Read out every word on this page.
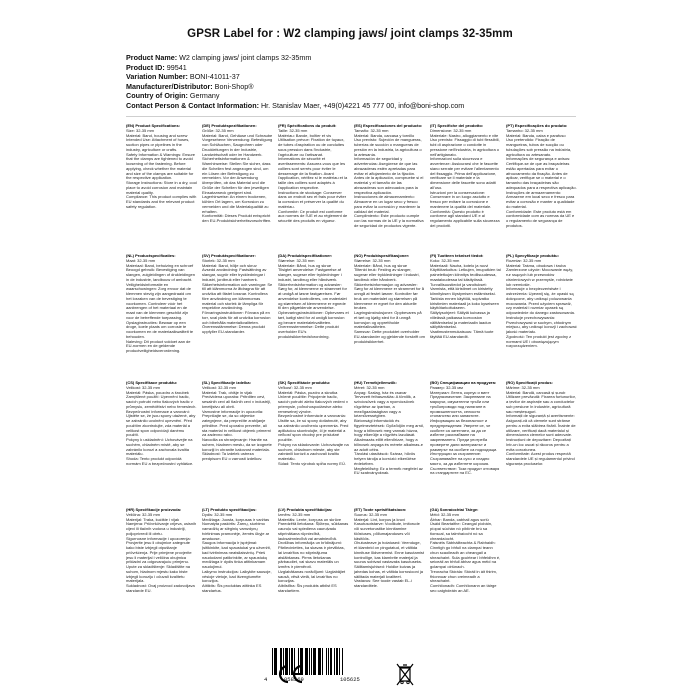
GPSR Label for : W2 clamping jaws/ joint clamps 32-35mm
Product Name: W2 clamping jaws/ joint clamps 32-35mm
Product ID: 99541
Variation Number: BONI-41011-37
Manufacturer/Distributor: Boni-Shop®
Country of Origin: Germany
Contact Person & Contact Information: Hr. Stanislav Maer, +49(0)4221 45 777 00, info@boni-shop.com

(EN) Product Specifications:

Size: 32-35 mm
Material: Band, housing and screw
Intended Use: Attachment of hoses, suction pipes or pipelines in the industry, agriculture or crafts.
Safety Information & Warnings: Ensure that the clamps are tightened to avoid loosening of the fastening. Before applying, check whether the material and size of the clamps are suitable for the respective application.
Storage Instructions: Store in a dry, cool place to avoid corrosion and maintain material quality.
Compliance: This product complies with EU standards and the relevant product safety regulation.

(DE) Produktspezifikationen:

Größe: 32-35 mm
Material: Band, Gehäuse und Schraube
Vorgesehene Verwendung: Befestigung von Schläuchen, Saugrohren oder Druckleitungen in der Industrie, Landwirtschaft oder im Handwerk.
Sicherheitsinformationen & Warnhinweise: Stellen Sie sicher, dass die Schellen fest angezogen sind, um ein Lösen der Befestigung zu vermeiden. Vor der Anwendung überprüfen, ob das Material und die Größe der Schellen für den jeweiligen Einsatzzweck geeignet sind.
Lagerhinweise: An einem trockenen, kühlen Ort lagern, um Korrosion zu vermeiden und die Materialqualität zu erhalten.
Konformität: Dieses Produkt entspricht den EU-Produktsicherheitsvorschriften.

(FR) Spécifications du produit:

Taille: 32-35 mm
Matériau: Bande, boîtier et vis
Utilisation prévue: Fixation de tuyaux, de tubes d'aspiration ou de conduites sous pression dans l'industrie, l'agriculture ou l'artisanat.
Informations de sécurité et avertissements: Assurez-vous que les colliers sont serrés pour éviter le desserrage de la fixation. Avant l'application, vérifiez si le matériau et la taille des colliers sont adaptés à l'application respective.
Instructions de stockage: Conserver dans un endroit sec et frais pour éviter la corrosion et préserver la qualité du matériau.
Conformité: Ce produit est conforme aux normes de l'UE et au règlement de sécurité des produits en vigueur.

(ES) Especificaciones del producto:

Tamaño: 32-35 mm
Material: Banda, carcasa y tornillo
Uso previsto: Sujeción de mangueras, tuberías de succión o mangueras de presión en la industria, la agricultura o la artesanía.
Información de seguridad y advertencias: Asegúrese de que las abrazaderas estén apretadas para evitar el aflojamiento de la fijación. Antes de la aplicación, compruebe si el material y el tamaño de las abrazaderas son adecuados para la respectiva aplicación.
Instrucciones de almacenamiento: Almacene en un lugar seco y fresco para evitar la corrosión y mantener la calidad del material.
Cumplimiento: Este producto cumple con las normas de la UE y la normativa de seguridad de productos vigente.

(IT) Specifiche del prodotto:

Dimensione: 32-35 mm
Materiale: Nastro, alloggiamento e vite
Uso previsto: Fissaggio di tubi flessibili, tubi di aspirazione o condotte in pressione nell'industria, in agricoltura o nell'artigianato.
Informazioni sulla sicurezza e avvertenze: Assicurarsi che le fascette siano serrate per evitare l'allentamento del fissaggio. Prima dell'applicazione, verificare se il materiale e la dimensione delle fascette sono adatti all'uso.
Istruzioni per la conservazione: Conservare in un luogo asciutto e fresco per evitare la corrosione e mantenere la qualità del materiale.
Conformità: Questo prodotto è conforme agli standard UE e al regolamento applicabile sulla sicurezza dei prodotti.

(PT) Especificações do produto:

Tamanho: 32-35 mm
Material: Banda, caixa e parafuso
Uso pretendido: Fixação de mangueiras, tubos de sucção ou tubulações sob pressão na indústria, agricultura ou artesanato.
Informações de segurança e avisos: Certifique-se de que as braçadeiras estão apertadas para evitar o afrouxamento da fixação. Antes de aplicar, verifique se o material e o tamanho das braçadeiras são adequados para a respectiva aplicação.
Instruções de armazenamento: Armazene em local seco e fresco para evitar a corrosão e manter a qualidade do material.
Conformidade: Este produto está em conformidade com as normas da UE e o regulamento de segurança de produtos.

(NL) Productspecificaties:

Maat: 32-35 mm
Materiaal: Band, behuizing en schroef
Beoogd gebruik: Bevestiging van slangen, zuigleidingen of drukleidingen in de industrie, landbouw of ambacht.
Veiligheidsinformatie en waarschuwingen: Zorg ervoor dat de klemmen stevig zijn aangedraaid om het losraken van de bevestiging te voorkomen. Controleer vóór het aanbrengen of het materiaal en de maat van de klemmen geschikt zijn voor de betreffende toepassing.
Opslaginstructies: Bewaar op een droge, koele plaats om corrosie te voorkomen en de materiaalkwaliteit te behouden.
Naleving: Dit product voldoet aan de EU-normen en de geldende productveiligheidsverordening.

(SV) Produktspecifikationer:

Storlek: 32-35 mm
Material: Band, hölje och skruv
Avsedd användning: Fastsättning av slangar, sugrör eller tryckledningar i industri, jordbruk eller hantverk.
Säkerhetsinformation och varningar: Se till att klämmorna är åtdragna för att undvika att fästet lossnar. Kontrollera före användning om klämmornas material och storlek är lämpliga för respektive användning.
Förvaringsinstruktioner: Förvara på en torr, sval plats för att undvika korrosion och bibehålla materialkvaliteten.
Överensstämmelse: Denna produkt uppfyller EU-standarder.

(DA) Produktspecifikationer:

Størrelse: 32-35 mm
Materiale: Bånd, hus og skrue
Tilsigtet anvendelse: Fastgørelse af slanger, sugerør eller trykledninger i industri, landbrug eller håndværk.
Sikkerhedsinformation og advarsler: Sørg for, at klemmerne er strammet for at undgå at løsne fastgørelsen. Før anvendelse kontrolleres, om materialet og størrelsen af klemmerne er egnede til den pågældende anvendelse.
Opbevaringsinstruktioner: Opbevares et tørt, køligt sted for at undgå korrosion og bevare materialekvaliteten.
Overensstemmelse: Dette produkt overholder EU's produktsikkerhedsforordning.

(NO) Produktspesifikasjoner:

Størrelse: 32-35 mm
Materiale: Bånd, hus og skrue
Tiltenkt bruk: Festing av slanger, sugerør eller trykkledninger i industri, landbruk eller håndverk.
Sikkerhetsinformasjon og advarsler: Sørg for at klemmene er strammet for å unngå at festet løsner. Kontroller før bruk om materialet og størrelsen på klemmene er egnet for den aktuelle bruken.
Lagringsinstruksjoner: Oppbevares på et tørt og kjølig sted for å unngå korrosjon og opprettholde materialkvaliteten.
Samsvar: Dette produktet overholder EU-standarder og gjeldende forskrift om produktsikkerhet.

(FI) Tuotteen tekniset tiedot:

Koko: 32-35 mm
Materiaali: Nauha, kotelo ja ruuvi
Käyttötarkoitus: Letkujen, imuputkien tai paineletkujen kiinnitys teollisuudessa, maataloudessa tai käsityössä.
Turvallisuustiedot ja varoitukset: Varmista, että kiristimet on kiristetty kiinnityksen löystymisen estämiseksi. Tarkista ennen käyttöä, sopivatko kiristimien materiaali ja koko kyseiseen käyttötarkoitukseen.
Säilytysohjeet: Säilytä kuivassa ja viileässä paikassa korroosion välttämiseksi ja materiaalin laadun säilyttämiseksi.
Vaatimustenmukaisuus: Tämä tuote täyttää EU-standardit.

(PL) Specyfikacje produktu:

Rozmiar: 32-35 mm
Materiał: Taśma, obudowa i śruba
Zamierzone użycie: Mocowanie węży, rur ssących lub przewodów ciśnieniowych w przemyśle, rolnictwie lub rzemiośle.
Informacje o bezpieczeństwie i ostrzeżenia: Upewnij się, że opaski są dokręcone, aby uniknąć poluzowania mocowania. Przed użyciem sprawdź, czy materiał i rozmiar opasek są odpowiednie do danego zastosowania.
Instrukcje przechowywania: Przechowywać w suchym, chłodnym miejscu, aby uniknąć korozji i zachować jakość materiału.
Zgodność: Ten produkt jest zgodny z normami UE i obowiązującym rozporządzeniem.

(CS) Specifikace produktu:

Velikost: 32-35 mm
Materiál: Páska, pouzdro a šroubek
Zamýšlené použití: Upevnění hadic, sacích potrubí nebo tlakových hadic v průmyslu, zemědělství nebo řemeslech.
Bezpečnostní informace a varování: Ujistěte se, že jsou spony utažené, aby se zabránilo uvolnění upevnění. Před použitím zkontrolujte, zda materiál a velikost spon odpovídají danému použití.
Pokyny k uskladnění: Uchovávejte na suchém, chladném místě, aby se zabránilo korozi a zachovala kvalita materiálu.
Shoda: Tento produkt odpovídá normám EU a bezpečnostní vyhlášce.

(SL) Specifikacije izdelka:

Velikost: 32-35 mm
Material: Trak, ohišje in vijak
Predvidena uporaba: Pritrditev cevi, sesalnih cevi ali tlačnih cevi v industriji, kmetijstvu ali obrti.
Varnostne informacije in opozorila: Prepričajte se, da so objemke zategnjene, da preprečite zrahljanje pritrditve. Pred uporabo preverite, ali sta material in velikost objemk primerni za zadevno rabo.
Navodila za shranjevanje: Hranite na suhem, hladnem mestu, da se izognete koroziji in ohranite kakovost materiala.
Skladnost: Ta izdelek ustreza predpisom EU o varnosti izdelkov.

(SK) Špecifikácie produktu:

Veľkosť: 32-35 mm
Materiál: Páska, puzdro a skrutka
Určené použitie: Pripojenie hadíc, sacích potrubí alebo tlakových vedení v priemysle, poľnohospodárstve alebo remeselnej výrobe.
Bezpečnostné informácie a varovania: Uistite sa, že sú spony dotiahnuté, aby sa zabránilo uvoľneniu upevnenia. Pred aplikáciou skontrolujte, či je materiál a veľkosť spon vhodný pre príslušné použitie.
Pokyny na skladovanie: Uchovávajte na suchom, chladnom mieste, aby ste zabránili korózii a zachovali kvalitu materiálu.
Súlad: Tento výrobok spĺňa normy EÚ.

(HU) Termékjellemzők:

Méret: 32-35 mm
Anyag: Szalag, ház és csavar
Tervezett felhasználás: A tömlők, a szívócsövek vagy a nyomócsövek rögzítése az iparban, a mezőgazdaságban vagy a kézművességben.
Biztonsági információk és figyelmeztetések: Győződjön meg arról, hogy a bilincsek meg vannak húzva, hogy elkerülje a rögzítés lazulását. Alkalmazás előtt ellenőrizze, hogy a bilincsek anyaga és mérete alkalmas-e az adott célra.
Tárolási utasítások: Száraz, hűvös helyen tárolja a korrózió elkerülése érdekében.
Megfelelőség: Ez a termék megfelel az EU szabványoknak.

(BG) Спецификации на продукта:

Размер: 32-35 мм
Материал: Лента, корпус и винт
Предназначение: Закрепване на маркучи, смукателни тръби или тръбопроводи под налягане в промишлеността, селското стопанство или занаятите.
Информация за безопасност и предупреждения: Уверете се, че скобите са затегнати, за да се избегне разхлабване на закрепването. Преди употреба проверете дали материалът и размерът на скобите са подходящи.
Инструкции за съхранение: Съхранявайте на сухо и хладно място, за да избегнете корозия.
Съответствие: Този продукт отговаря на стандартите на ЕС.

(RO) Specificații produs:

Mărime: 32-35 mm
Material: Bandă, carcasă și șurub
Utilizare prevăzută: Fixarea furtunurilor, a țevilor de aspirație sau a conductelor sub presiune în industrie, agricultură sau meșteșuguri.
Informații de siguranță și avertismente: Asigurați-vă că clemele sunt strânse pentru a evita slăbirea fixării. Înainte de utilizare, verificați dacă materialul și dimensiunea clemelor sunt adecvate.
Instrucțiuni de depozitare: Depozitați într-un loc uscat și răcoros pentru a evita coroziunea.
Conformitate: Acest produs respectă standardele UE și regulamentul privind siguranța produselor.

(HR) Specifikacije proizvoda:

Veličina: 32-35 mm
Materijal: Traka, kućište i vijak
Namjena: Pričvršćivanje crijeva, usisnih cijevi ili tlačnih vodova u industriji, poljoprivredi ili obrtu.
Sigurnosne informacije i upozorenja: Provjerite jesu li obujmice zategnute kako biste izbjegli otpuštanje pričvršćenja. Prije primjene provjerite jesu li materijal i veličina obujmica prikladni za odgovarajuću primjenu.
Upute za skladištenje: Skladištite na suhom, hladnom mjestu kako biste izbjegli koroziju i očuvali kvalitetu materijala.
Sukladnost: Ovaj proizvod zadovoljava standarde EU.

(LT) Produkto specifikacijos:

Dydis: 32-35 mm
Medžiaga: Juosta, korpusas ir varžtas
Numatyta paskirtis: Žarnų, siurbimo vamzdžių ar slėginių vamzdynų tvirtinimas pramonėje, žemės ūkyje ar amatuose.
Saugos informacija ir įspėjimai: Įsitikinkite, kad spaustukai yra užveržti, kad tvirtinimas neatsilaisvintų. Prieš naudodami patikrinkite, ar spaustukų medžiaga ir dydis tinka atitinkamam naudojimui.
Laikymo instrukcijos: Laikykite sausoje, vėsioje vietoje, kad išvengtumėte korozijos.
Atitiktis: Šis produktas atitinka ES standartus.

(LV) Produkta specifikācijas:

Izmērs: 32-35 mm
Materiāls: Lente, korpuss un skrūve
Paredzētā lietošana: Šļūteņu, sūkšanas cauruļu vai spiediena cauruļvadu stiprināšana rūpniecībā, lauksaimniecībā vai amatniecībā.
Drošības informācija un brīdinājumi: Pārliecinieties, ka skavas ir pievilktas, lai izvairītos no stiprinājuma atslābšanas. Pirms lietošanas pārbaudiet, vai skavu materiāls un izmērs ir piemēroti.
Uzglabāšanas norādījumi: Uzglabājiet sausā, vēsā vietā, lai izvairītos no korozijas.
Atbilstība: Šis produkts atbilst ES standartiem.

(ET) Toote spetsifikatsioon:

Suurus: 32-35 mm
Materjal: Lint, korpus ja kruvi
Kasutusotstarve: Voolikute, imitorude või survetorustike kinnitamine tööstuses, põllumajanduses või käsitöös.
Ohutusteave ja hoiatused: Veenduge, et klambrid on pingutatud, et vältida kinnituse lõdvenemist. Enne kasutamist kontrollige, kas klambrite materjal ja suurus sobivad vastavaks kasutuseks.
Säilitamisjuhised: Hoidke kuivas ja jahedas kohas, et vältida korrosiooni ja säilitada materjali kvaliteet.
Vastavus: See toode vastab EL-i standarditele.

(GA) Sonraíochtaí Táirge:

Méid: 32-35 mm
Ábhar: Banda, cabhail agus scriú
Úsáid Beartaithe: Ceangal píobáin, píopaí súchán nó píblínte brú sa tionscal, sa talmhaíocht nó sa cheardaíocht.
Faisnéis Sábháilteachta & Rabhaidh: Cinntigh go bhfuil na clampaí teann chun scaoileadh an cheangail a sheachaint. Sula gcuirtear i bhfeidhm é, seiceáil an bhfuil ábhar agus méid na gclampaí oiriúnach.
Treoracha Stórála: Stóráil in áit thirim, fhionnuar chun creimeadh a sheachaint.
Comhlíonadh: Comhlíonann an táirge seo caighdeáin an AE.

4	058569	105625
